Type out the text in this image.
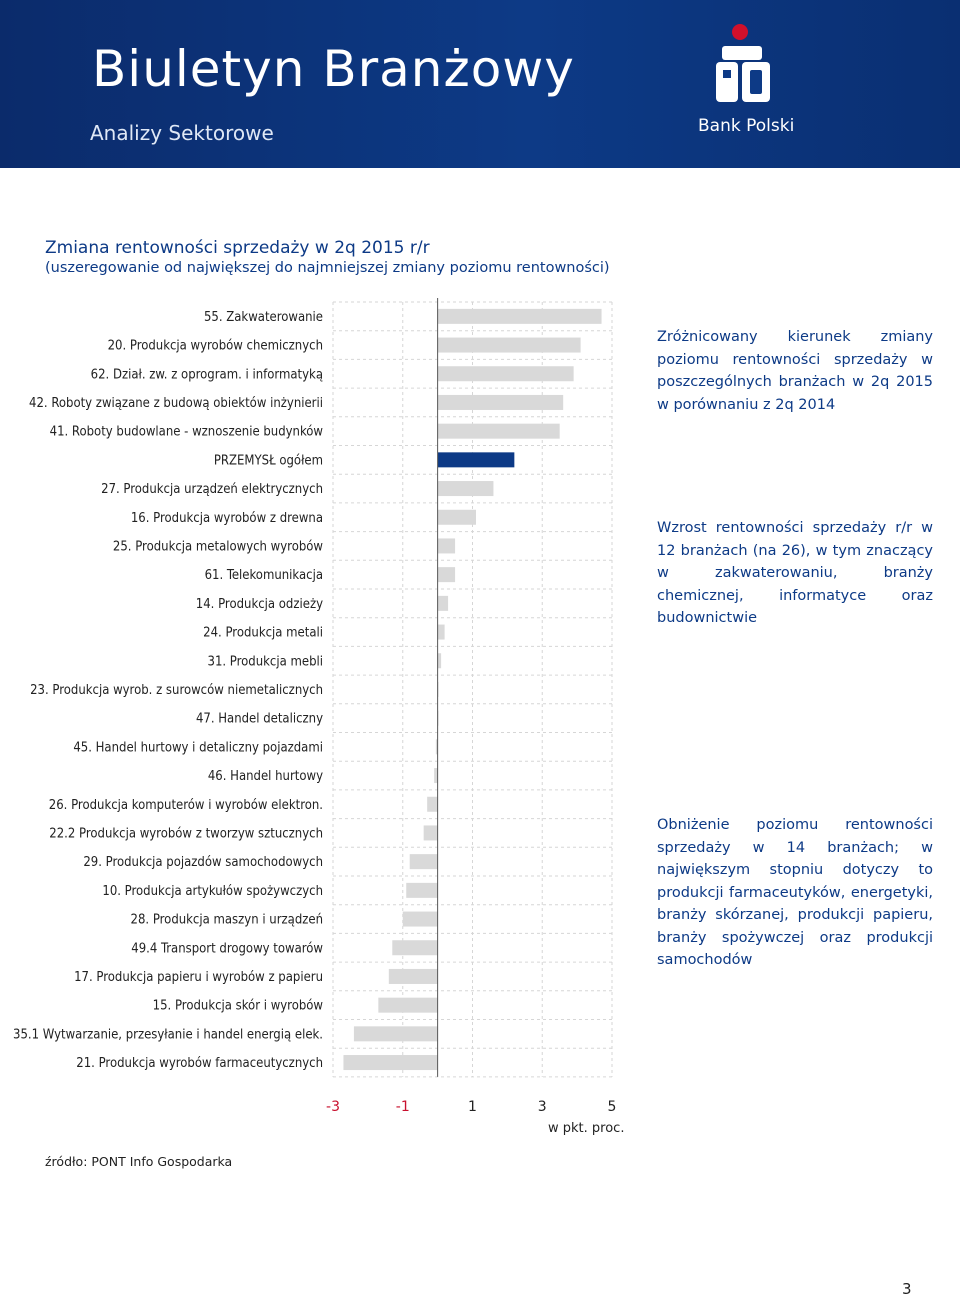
Biuletyn Branżowy
Analizy Sektorowe	Bank Polski
Zmiana rentowności sprzedaży w 2q 2015 r/r
(uszeregowanie od największej do najmniejszej zmiany poziomu rentowności)
55. Zakwaterowanie
20. Produkcja wyrobów chemicznych
62. Dział. zw. z oprogram. i informatyką
42. Roboty związane z budową obiektów inżynierii
41. Roboty budowlane - wznoszenie budynków
PRZEMYSŁ ogółem
27. Produkcja urządzeń elektrycznych
16. Produkcja wyrobów z drewna
25. Produkcja metalowych wyrobów
61. Telekomunikacja
14. Produkcja odzieży
24. Produkcja metali
31. Produkcja mebli
23. Produkcja wyrob. z surowców niemetalicznych
47. Handel detaliczny
45. Handel hurtowy i detaliczny pojazdami
46. Handel hurtowy
26. Produkcja komputerów i wyrobów elektron.
22.2 Produkcja wyrobów z tworzyw sztucznych
29. Produkcja pojazdów samochodowych
10. Produkcja artykułów spożywczych
28. Produkcja maszyn i urządzeń
49.4 Transport drogowy towarów
17. Produkcja papieru i wyrobów z papieru
15. Produkcja skór i wyrobów
35.1 Wytwarzanie, przesyłanie i handel energią elek.
21. Produkcja wyrobów farmaceutycznych
-3	-1	1	3	5
w pkt. proc.
Zróżnicowany kierunek zmiany poziomu rentowności sprzedaży w poszczególnych branżach w 2q 2015 w porównaniu z 2q 2014
Wzrost rentowności sprzedaży r/r w 12 branżach (na 26), w tym znaczący w zakwaterowaniu, branży chemicznej, informatyce oraz budownictwie
Obniżenie poziomu rentowności sprzedaży w 14 branżach; w największym stopniu dotyczy to produkcji farmaceutyków, energetyki, branży skórzanej, produkcji papieru, branży spożywczej oraz produkcji samochodów
źródło: PONT Info Gospodarka
3
